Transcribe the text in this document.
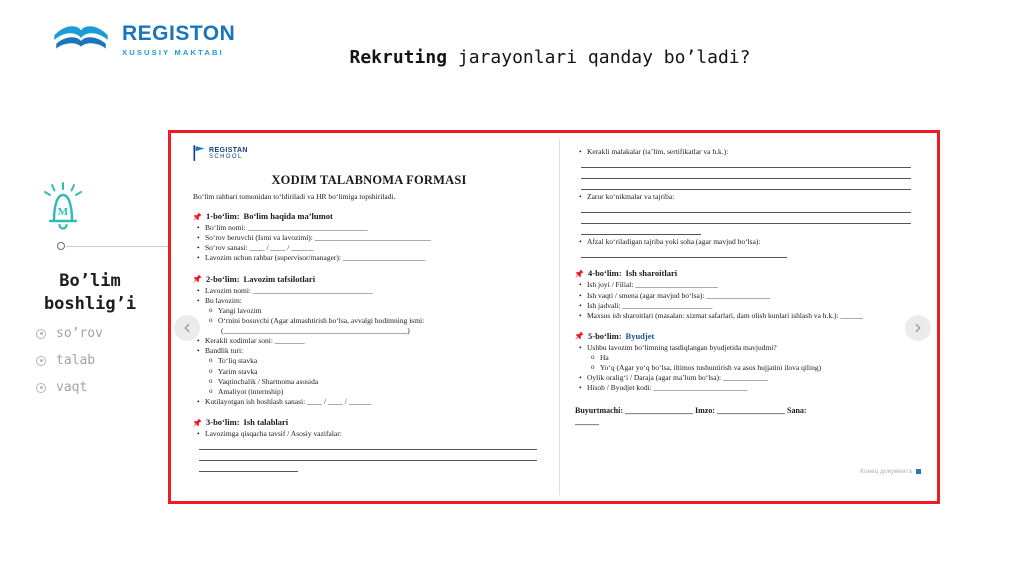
REGISTON
XUSUSIY MAKTABI	Rekruting jarayonlari qanday bo’ladi?
M
Bo’lim
boshlig’i
so’rov
talab
vaqt
‹	›
REGISTAN
SCHOOL
XODIM TALABNOMA FORMASI

Bo‘lim rahbari tomonidan to‘ldiriladi va HR bo‘limiga topshiriladi.

1-bo‘lim: Bo‘lim haqida ma’lumot
• Bo‘lim nomi: ________________________________
• So‘rov beruvchi (Ismi va lavozimi): _______________________________
• So‘rov sanasi: ____ / ____ / ______
• Lavozim uchun rahbar (supervisor/manager): ______________________
2-bo‘lim: Lavozim tafsilotlari
• Lavozim nomi: ________________________________
• Bu lavozim:
o Yangi lavozim
o O‘rnini bosuvchi (Agar almashtirish bo‘lsa, avvalgi hodimning ismi:
(_________________________________________________)
• Kerakli xodimlar soni: ________
• Bandlik turi:
o To‘liq stavka
o Yarim stavka
o Vaqtinchalik / Shartnoma asosida
o Amaliyot (internship)
• Kutilayotgan ish boshlash sanasi: ____ / ____ / ______
3-bo‘lim: Ish talablari
• Lavozimga qisqacha tavsif / Asosiy vazifalar:
• Kerakli malakalar (ta’lim, sertifikatlar va h.k.):
• Zarur ko‘nikmalar va tajriba:
• Afzal ko‘riladigan tajriba yoki soha (agar mavjud bo‘lsa):
4-bo‘lim: Ish sharoitlari
• Ish joyi / Filial: ______________________
• Ish vaqti / smena (agar mavjud bo‘lsa): _________________
• Ish jadvali: ________________________
• Maxsus ish sharoitlari (masalan: xizmat safarlari, dam olish kunlari ishlash va h.k.): ______
5-bo‘lim: Byudjet
• Ushbu lavozim bo‘limning tasdiqlangan byudjetida mavjudmi?
o Ha
o Yo‘q (Agar yo‘q bo‘lsa, iltimos tushuntirish va asos hujjatini ilova qiling)
• Oylik oralig‘i / Daraja (agar ma’lum bo‘lsa): ____________
• Hisob / Byudjet kodi: _________________________
Buyurtmachi: _________________ Imzo: _________________ Sana:
______
Конец документа
